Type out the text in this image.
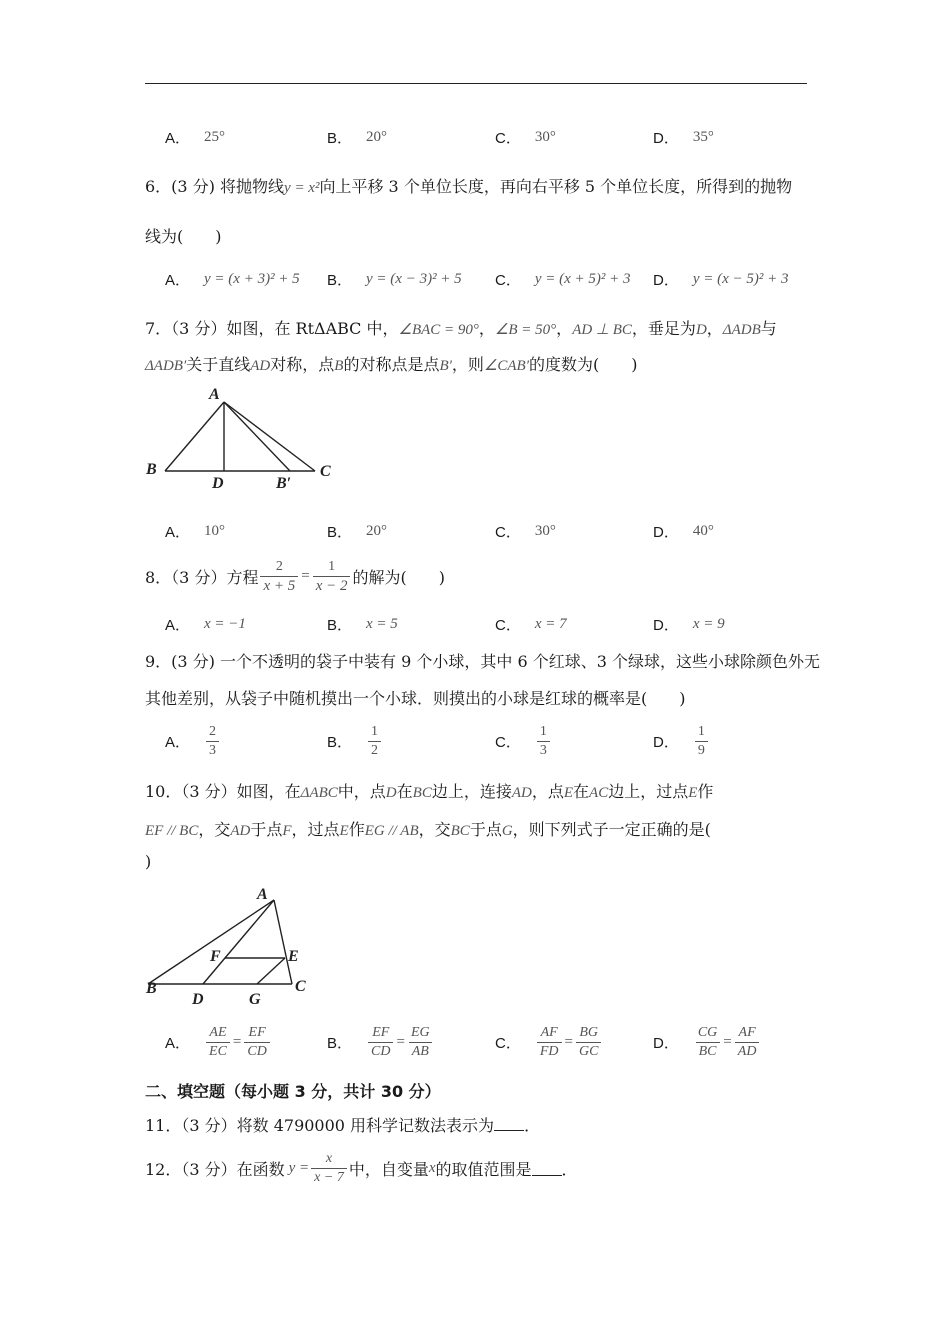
A． 25°	B． 20°	C． 30°	D． 35°
6．(3 分) 将抛物线y = x²向上平移 3 个单位长度，再向右平移 5 个单位长度，所得到的抛物
线为(　　)
A． y = (x + 3)² + 5 B． y = (x − 3)² + 5 C． y = (x + 5)² + 3 D． y = (x − 5)² + 3
7．（3 分）如图，在 RtΔABC 中，∠BAC = 90°，∠B = 50°，AD ⊥ BC，垂足为D，ΔADB与
ΔADB′关于直线AD对称，点B的对称点是点B′，则∠CAB′的度数为(　　)
A
B
D	B′
C
A． 10°	B． 20°	C． 30°	D． 40°
8．（3 分）方程 $\frac{2}{x + 5} = \frac{1}{x - 2}$ 的解为(　　)
A． x = −1	B． x = 5	C． x = 7	D． x = 9
9．(3 分) 一个不透明的袋子中装有 9 个小球，其中 6 个红球、3 个绿球，这些小球除颜色外无
其他差别，从袋子中随机摸出一个小球．则摸出的小球是红球的概率是(　　)
A． $\frac{2}{3}$	B． $\frac{1}{2}$	C． $\frac{1}{3}$	D． $\frac{1}{9}$
10．（3 分）如图，在ΔABC中，点D在BC边上，连接AD，点E在AC边上，过点E作
EF // BC，交AD于点F，过点E作EG // AB，交BC于点G，则下列式子一定正确的是(
)
A
F	E
B
D	G
C
A． $\frac{AE}{EC} = \frac{EF}{CD}$	B． $\frac{EF}{CD} = \frac{EG}{AB}$	C． $\frac{AF}{FD} = \frac{BG}{GC}$	D． $\frac{CG}{BC} = \frac{AF}{AD}$
二、填空题（每小题 3 分，共计 30 分）
11．（3 分）将数 4790000 用科学记数法表示为 ．
12．（3 分）在函数 $y = \frac{x}{x - 7}$ 中，自变量 x 的取值范围是 ．
